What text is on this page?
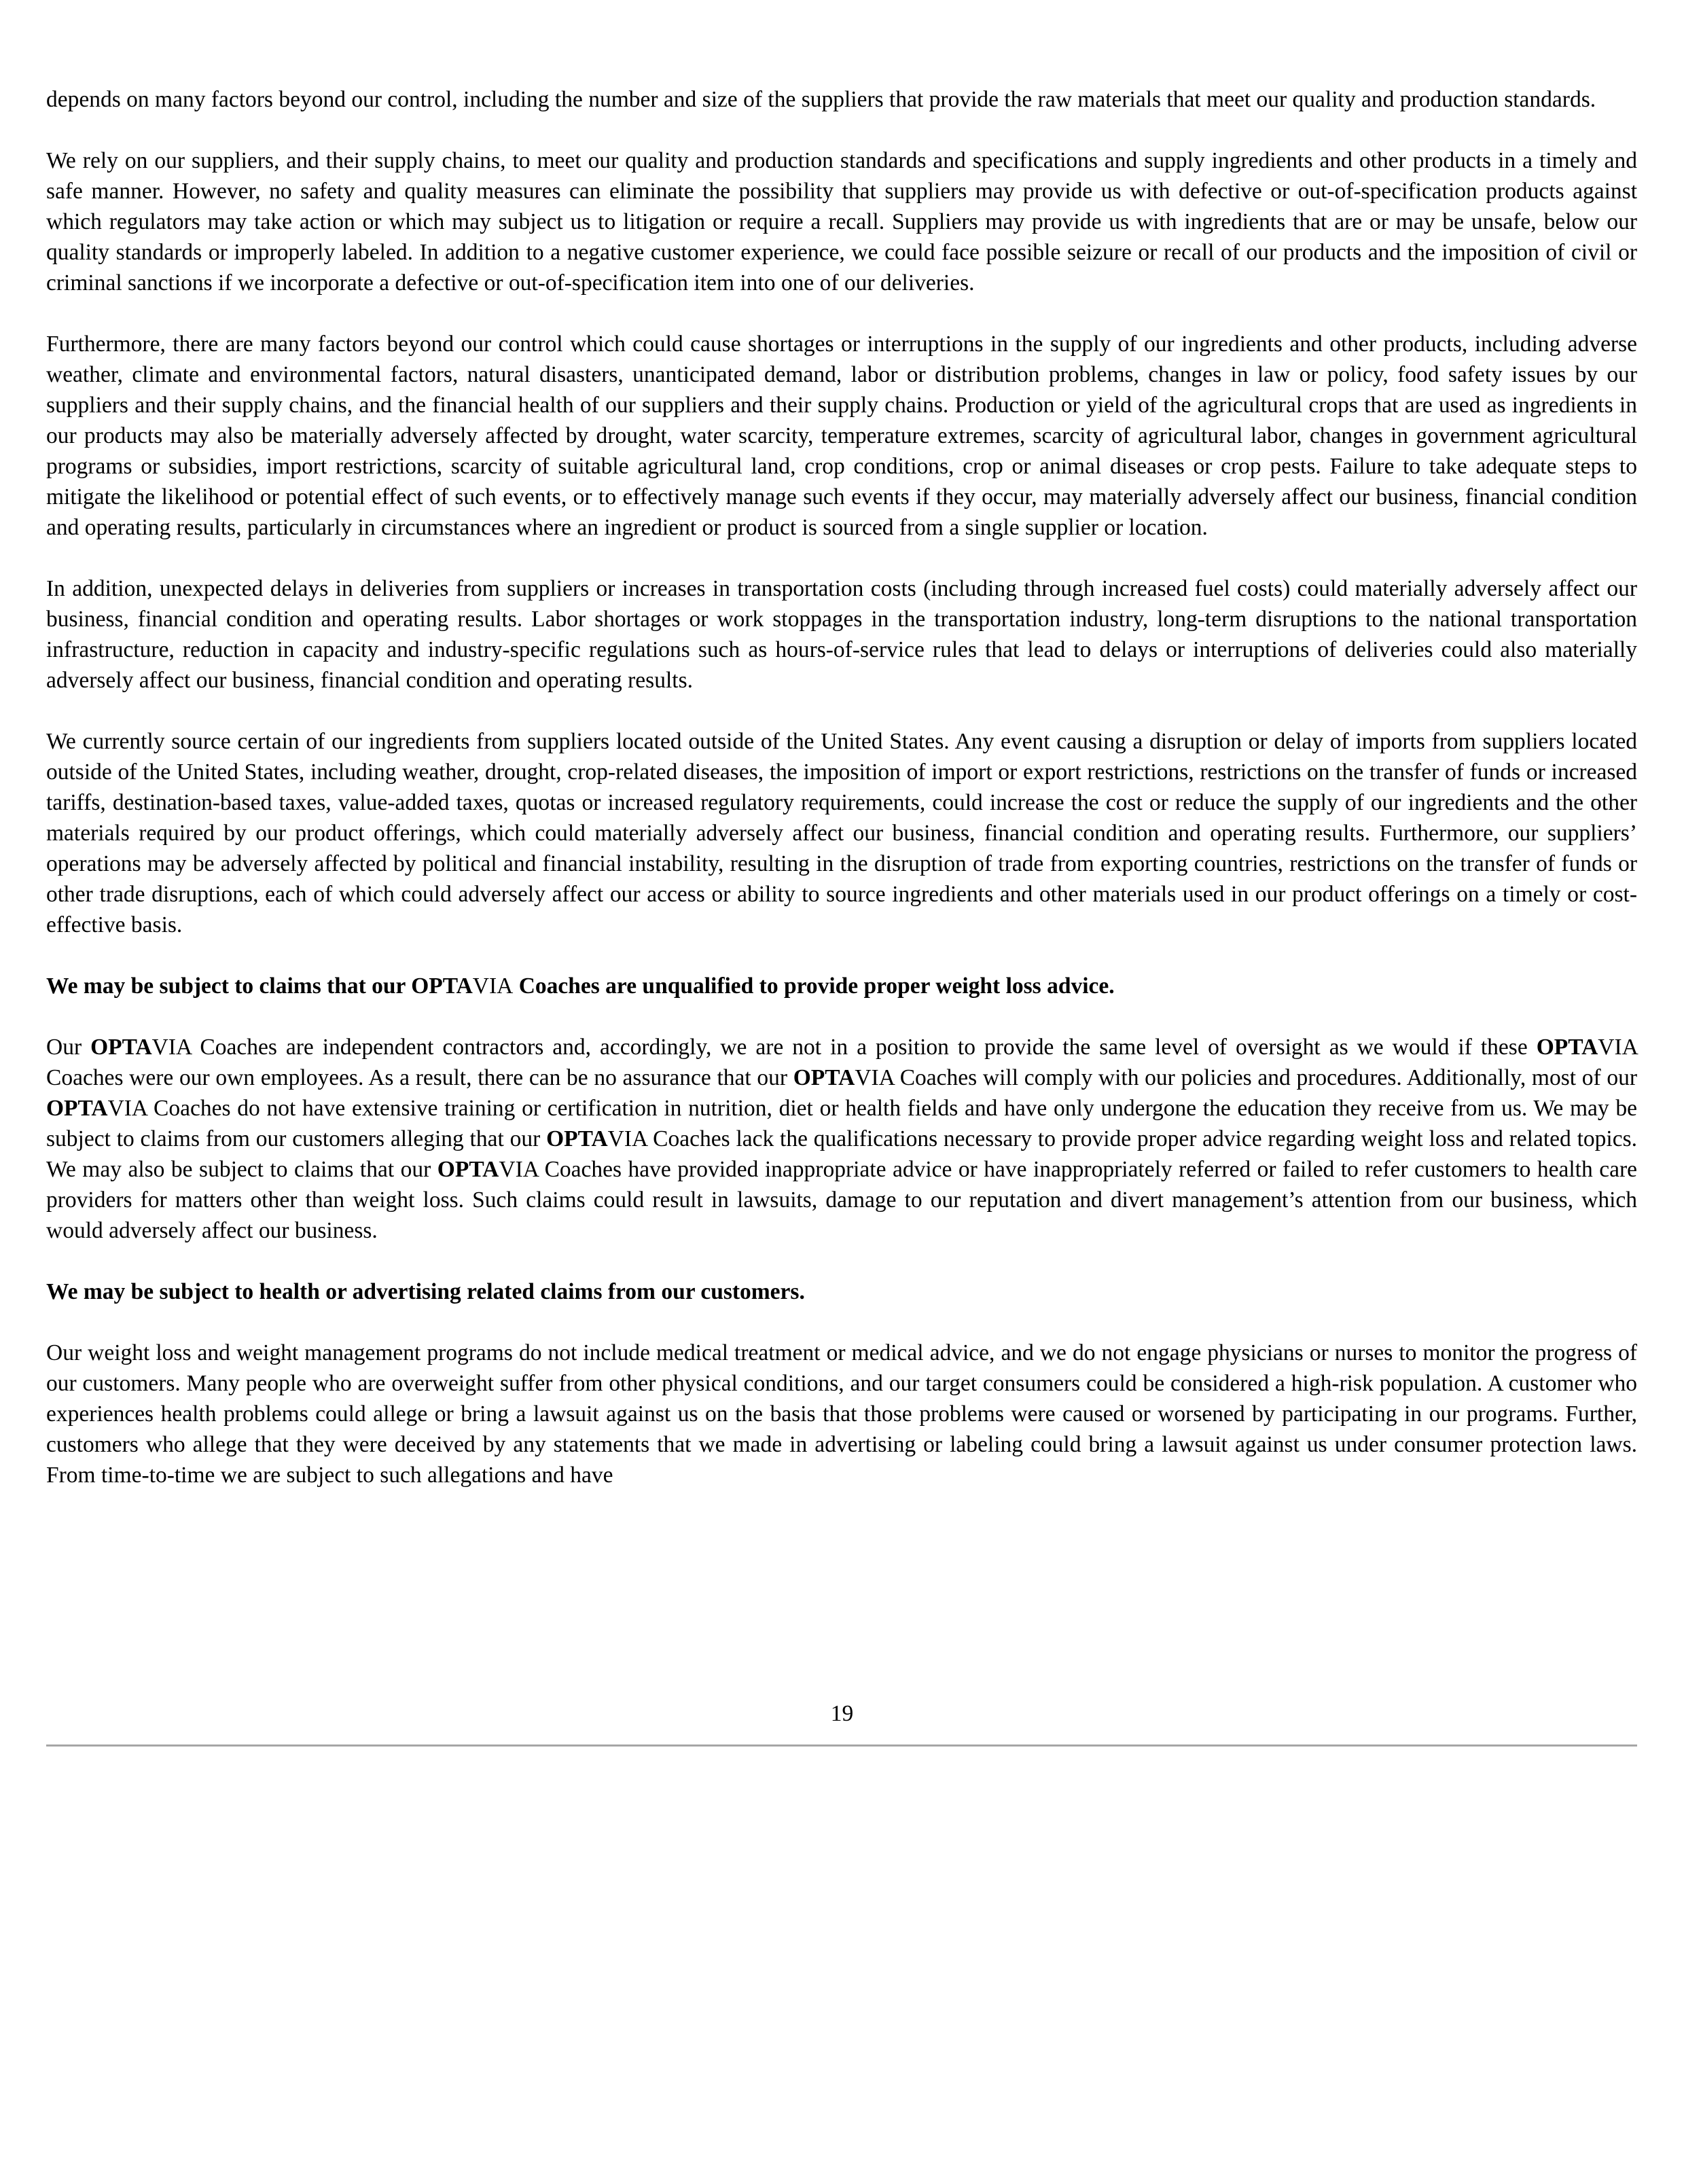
depends on many factors beyond our control, including the number and size of the suppliers that provide the raw materials that meet our quality and production standards.

We rely on our suppliers, and their supply chains, to meet our quality and production standards and specifications and supply ingredients and other products in a timely and safe manner. However, no safety and quality measures can eliminate the possibility that suppliers may provide us with defective or out-of-specification products against which regulators may take action or which may subject us to litigation or require a recall. Suppliers may provide us with ingredients that are or may be unsafe, below our quality standards or improperly labeled. In addition to a negative customer experience, we could face possible seizure or recall of our products and the imposition of civil or criminal sanctions if we incorporate a defective or out-of-specification item into one of our deliveries.

Furthermore, there are many factors beyond our control which could cause shortages or interruptions in the supply of our ingredients and other products, including adverse weather, climate and environmental factors, natural disasters, unanticipated demand, labor or distribution problems, changes in law or policy, food safety issues by our suppliers and their supply chains, and the financial health of our suppliers and their supply chains. Production or yield of the agricultural crops that are used as ingredients in our products may also be materially adversely affected by drought, water scarcity, temperature extremes, scarcity of agricultural labor, changes in government agricultural programs or subsidies, import restrictions, scarcity of suitable agricultural land, crop conditions, crop or animal diseases or crop pests. Failure to take adequate steps to mitigate the likelihood or potential effect of such events, or to effectively manage such events if they occur, may materially adversely affect our business, financial condition and operating results, particularly in circumstances where an ingredient or product is sourced from a single supplier or location.

In addition, unexpected delays in deliveries from suppliers or increases in transportation costs (including through increased fuel costs) could materially adversely affect our business, financial condition and operating results. Labor shortages or work stoppages in the transportation industry, long-term disruptions to the national transportation infrastructure, reduction in capacity and industry-specific regulations such as hours-of-service rules that lead to delays or interruptions of deliveries could also materially adversely affect our business, financial condition and operating results.

We currently source certain of our ingredients from suppliers located outside of the United States. Any event causing a disruption or delay of imports from suppliers located outside of the United States, including weather, drought, crop-related diseases, the imposition of import or export restrictions, restrictions on the transfer of funds or increased tariffs, destination-based taxes, value-added taxes, quotas or increased regulatory requirements, could increase the cost or reduce the supply of our ingredients and the other materials required by our product offerings, which could materially adversely affect our business, financial condition and operating results. Furthermore, our suppliers’ operations may be adversely affected by political and financial instability, resulting in the disruption of trade from exporting countries, restrictions on the transfer of funds or other trade disruptions, each of which could adversely affect our access or ability to source ingredients and other materials used in our product offerings on a timely or cost-effective basis.

We may be subject to claims that our OPTAVIA Coaches are unqualified to provide proper weight loss advice.

Our OPTAVIA Coaches are independent contractors and, accordingly, we are not in a position to provide the same level of oversight as we would if these OPTAVIA Coaches were our own employees. As a result, there can be no assurance that our OPTAVIA Coaches will comply with our policies and procedures. Additionally, most of our OPTAVIA Coaches do not have extensive training or certification in nutrition, diet or health fields and have only undergone the education they receive from us. We may be subject to claims from our customers alleging that our OPTAVIA Coaches lack the qualifications necessary to provide proper advice regarding weight loss and related topics. We may also be subject to claims that our OPTAVIA Coaches have provided inappropriate advice or have inappropriately referred or failed to refer customers to health care providers for matters other than weight loss. Such claims could result in lawsuits, damage to our reputation and divert management’s attention from our business, which would adversely affect our business.

We may be subject to health or advertising related claims from our customers.

Our weight loss and weight management programs do not include medical treatment or medical advice, and we do not engage physicians or nurses to monitor the progress of our customers. Many people who are overweight suffer from other physical conditions, and our target consumers could be considered a high-risk population. A customer who experiences health problems could allege or bring a lawsuit against us on the basis that those problems were caused or worsened by participating in our programs. Further, customers who allege that they were deceived by any statements that we made in advertising or labeling could bring a lawsuit against us under consumer protection laws. From time-to-time we are subject to such allegations and have

19
